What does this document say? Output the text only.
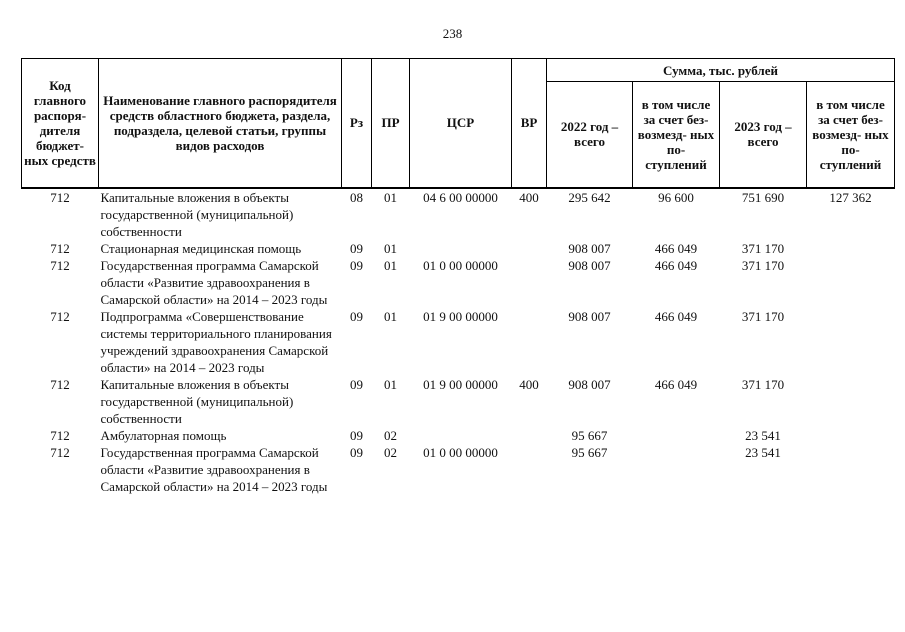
238
Код главного распоря- дителя бюджет- ных средств	Наименование главного распорядителя средств областного бюджета, раздела, подраздела, целевой статьи, группы видов расходов	Рз	ПР	ЦСР	ВР	Сумма, тыс. рублей			
						2022 год – всего	в том числе за счет без- возмезд- ных по- ступлений	2023 год – всего	в том числе за счет без- возмезд- ных по- ступлений
712	Капитальные вложения в объекты государственной (муниципальной) собственности	08	01	04 6 00 00000	400	295 642	96 600	751 690	127 362
712	Стационарная медицинская помощь	09	01			908 007	466 049	371 170	
712	Государственная программа Самарской области «Развитие здравоохранения в Самарской области» на 2014 – 2023 годы	09	01	01 0 00 00000		908 007	466 049	371 170	
712	Подпрограмма «Совершенствование системы территориального планирования учреждений здравоохранения Самарской области» на 2014 – 2023 годы	09	01	01 9 00 00000		908 007	466 049	371 170	
712	Капитальные вложения в объекты государственной (муниципальной) собственности	09	01	01 9 00 00000	400	908 007	466 049	371 170	
712	Амбулаторная помощь	09	02			95 667		23 541	
712	Государственная программа Самарской области «Развитие здравоохранения в Самарской области» на 2014 – 2023 годы	09	02	01 0 00 00000		95 667		23 541	
